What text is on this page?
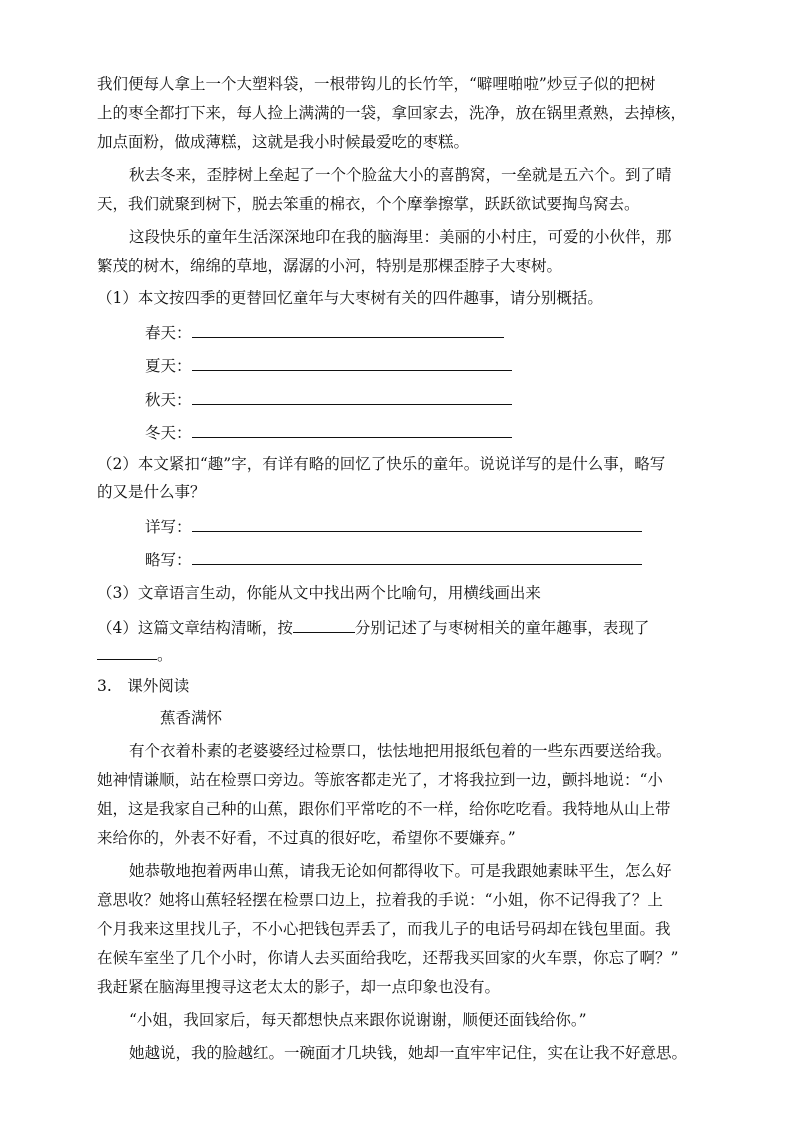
我们便每人拿上一个大塑料袋，一根带钩儿的长竹竿，“噼哩啪啦”炒豆子似的把树
上的枣全都打下来，每人捡上满满的一袋，拿回家去，洗净，放在锅里煮熟，去掉核，
加点面粉，做成薄糕，这就是我小时候最爱吃的枣糕。
秋去冬来，歪脖树上垒起了一个个脸盆大小的喜鹊窝，一垒就是五六个。到了晴
天，我们就聚到树下，脱去笨重的棉衣，个个摩拳擦掌，跃跃欲试要掏鸟窝去。
这段快乐的童年生活深深地印在我的脑海里：美丽的小村庄，可爱的小伙伴，那
繁茂的树木，绵绵的草地，潺潺的小河，特别是那棵歪脖子大枣树。
（1）本文按四季的更替回忆童年与大枣树有关的四件趣事，请分别概括。
春天：
夏天：
秋天：
冬天：
（2）本文紧扣“趣”字，有详有略的回忆了快乐的童年。说说详写的是什么事，略写
的又是什么事？
详写：
略写：
（3）文章语言生动，你能从文中找出两个比喻句，用横线画出来
（4）这篇文章结构清晰，按	分别记述了与枣树相关的童年趣事，表现了
。
3.　课外阅读
蕉香满怀
有个衣着朴素的老婆婆经过检票口，怯怯地把用报纸包着的一些东西要送给我。
她神情谦顺，站在检票口旁边。等旅客都走光了，才将我拉到一边，颤抖地说：“小
姐，这是我家自己种的山蕉，跟你们平常吃的不一样，给你吃吃看。我特地从山上带
来给你的，外表不好看，不过真的很好吃，希望你不要嫌弃。”
她恭敬地抱着两串山蕉，请我无论如何都得收下。可是我跟她素昧平生，怎么好
意思收？她将山蕉轻轻摆在检票口边上，拉着我的手说：“小姐，你不记得我了？上
个月我来这里找儿子，不小心把钱包弄丢了，而我儿子的电话号码却在钱包里面。我
在候车室坐了几个小时，你请人去买面给我吃，还帮我买回家的火车票，你忘了啊？”
我赶紧在脑海里搜寻这老太太的影子，却一点印象也没有。
“小姐，我回家后，每天都想快点来跟你说谢谢，顺便还面钱给你。”
她越说，我的脸越红。一碗面才几块钱，她却一直牢牢记住，实在让我不好意思。
